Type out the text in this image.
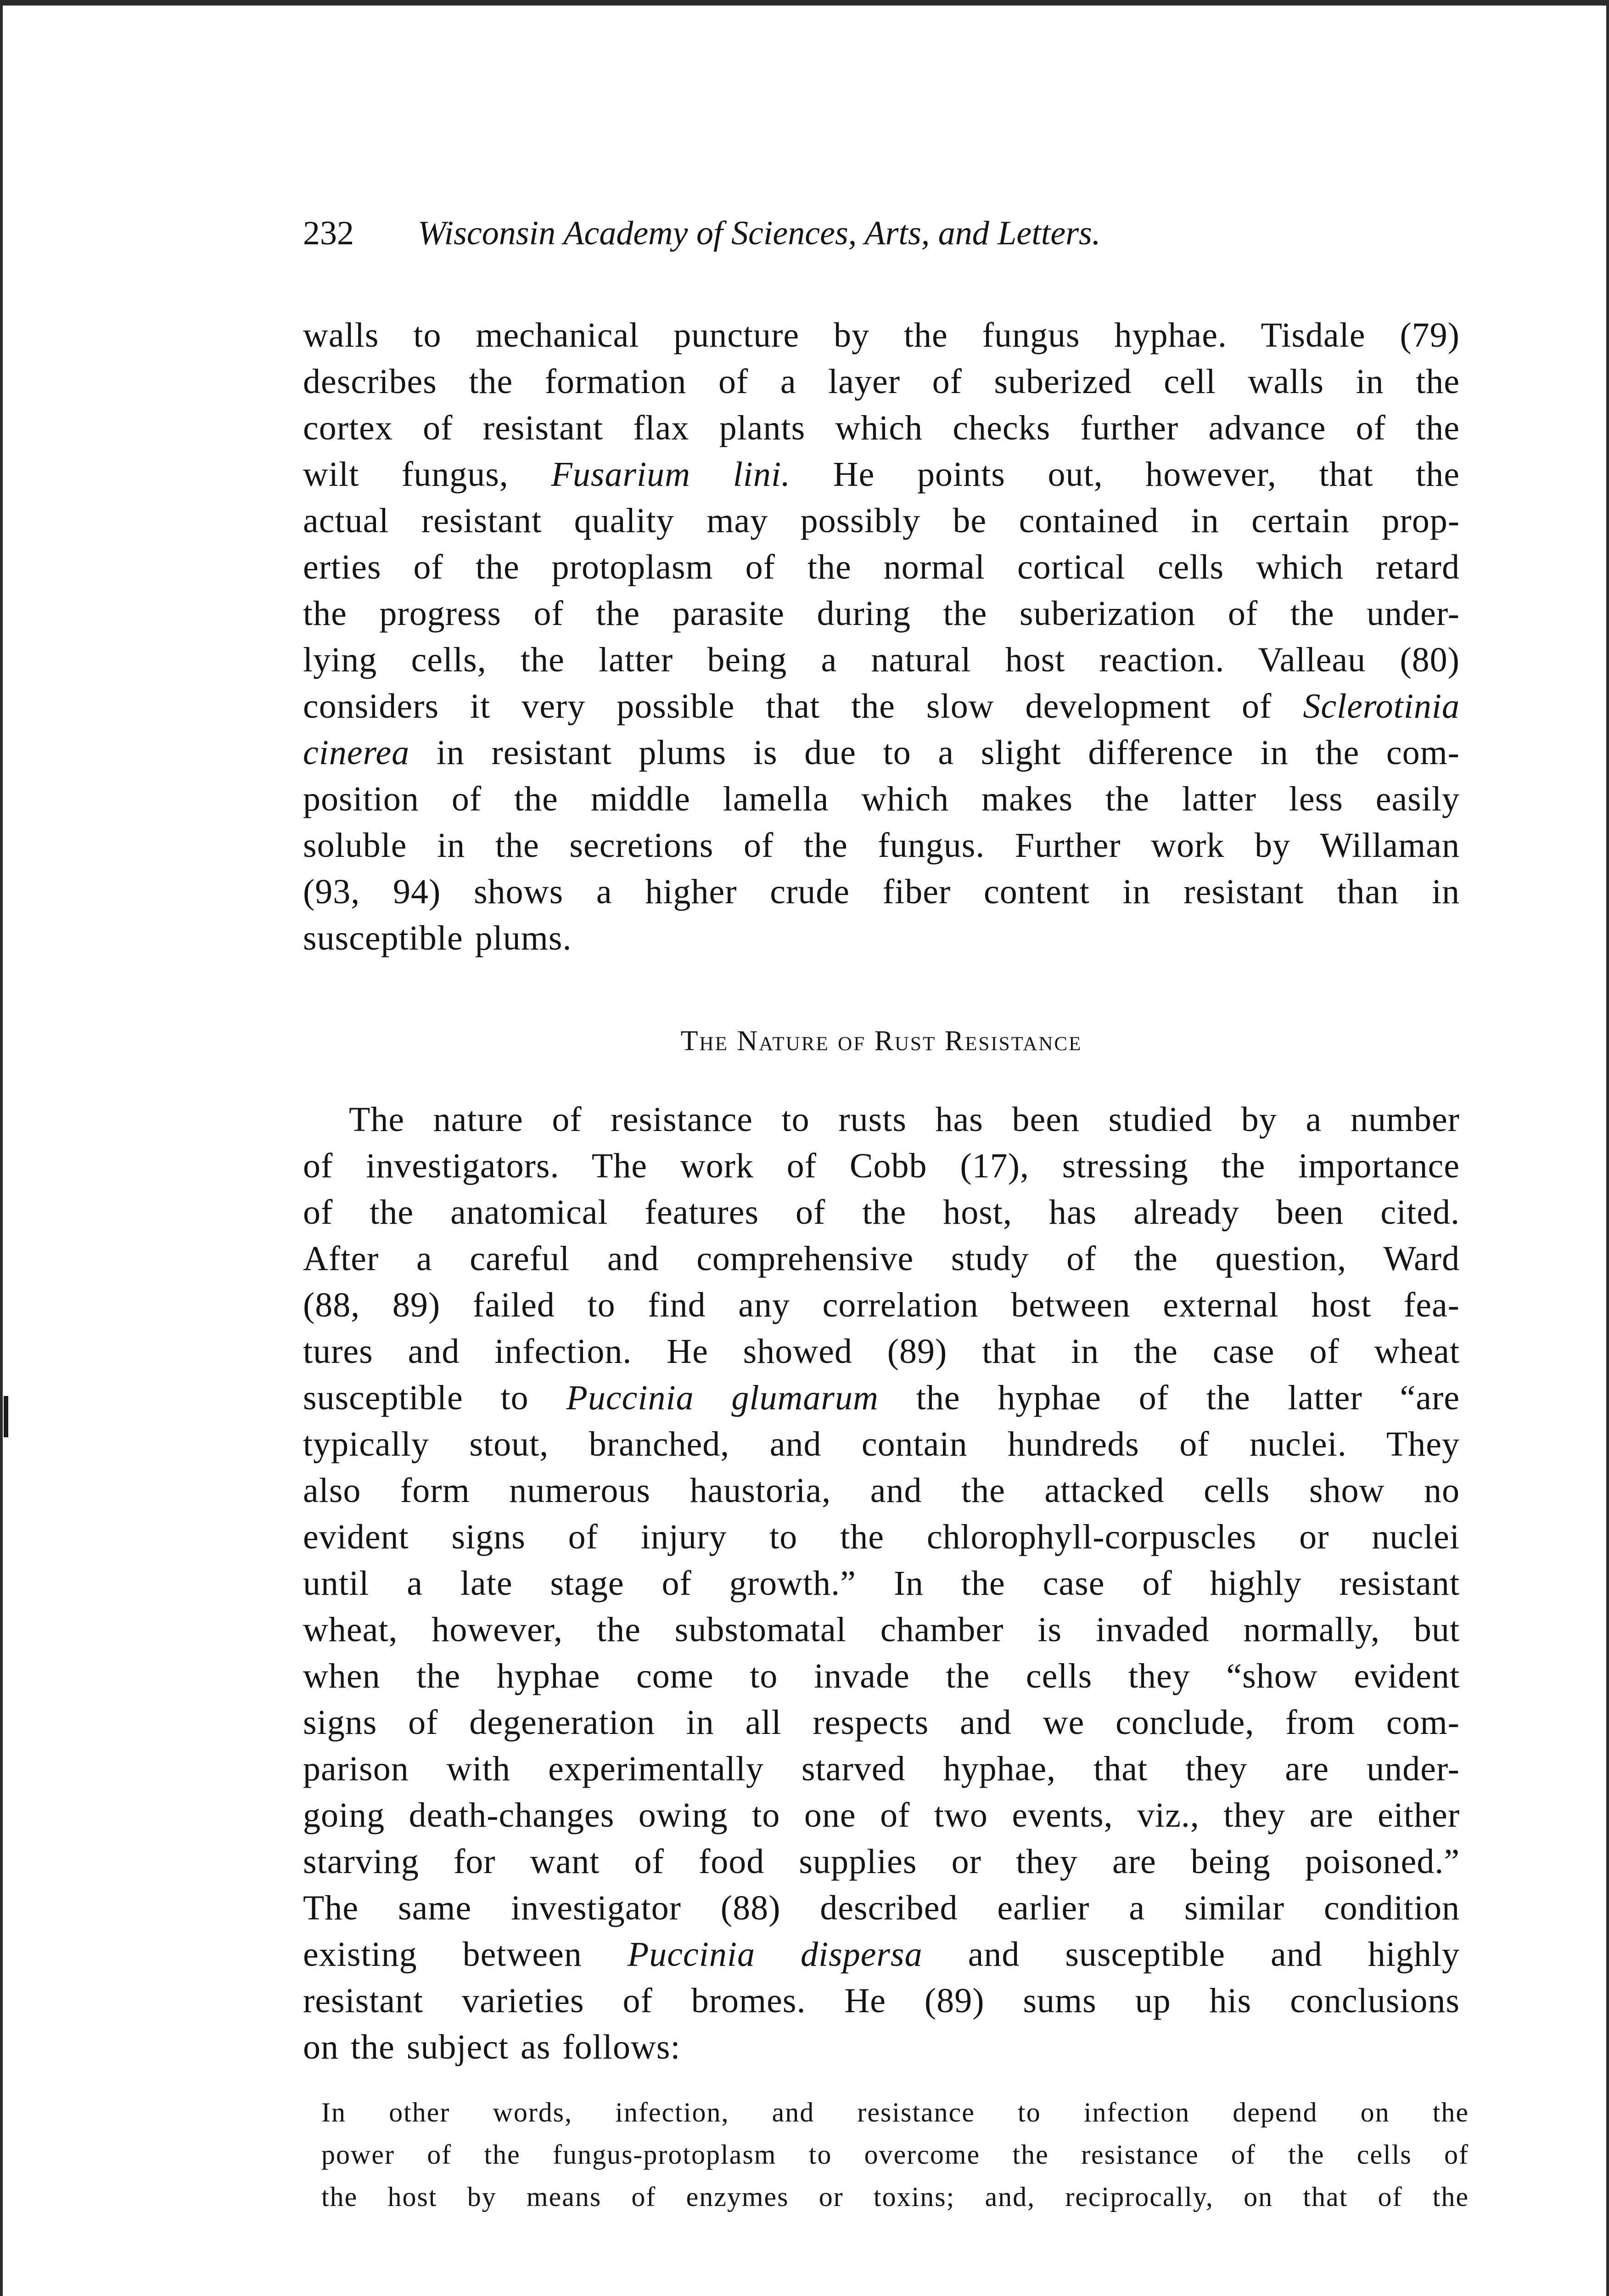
232 Wisconsin Academy of Sciences, Arts, and Letters.
walls to mechanical puncture by the fungus hyphae. Tisdale (79)
describes the formation of a layer of suberized cell walls in the
cortex of resistant flax plants which checks further advance of the
wilt fungus, Fusarium lini. He points out, however, that the
actual resistant quality may possibly be contained in certain prop-
erties of the protoplasm of the normal cortical cells which retard
the progress of the parasite during the suberization of the under-
lying cells, the latter being a natural host reaction. Valleau (80)
considers it very possible that the slow development of Sclerotinia
cinerea in resistant plums is due to a slight difference in the com-
position of the middle lamella which makes the latter less easily
soluble in the secretions of the fungus. Further work by Willaman
(93, 94) shows a higher crude fiber content in resistant than in
susceptible plums.
The Nature of Rust Resistance
The nature of resistance to rusts has been studied by a number
of investigators. The work of Cobb (17), stressing the importance
of the anatomical features of the host, has already been cited.
After a careful and comprehensive study of the question, Ward
(88, 89) failed to find any correlation between external host fea-
tures and infection. He showed (89) that in the case of wheat
susceptible to Puccinia glumarum the hyphae of the latter “are
typically stout, branched, and contain hundreds of nuclei. They
also form numerous haustoria, and the attacked cells show no
evident signs of injury to the chlorophyll-corpuscles or nuclei
until a late stage of growth.” In the case of highly resistant
wheat, however, the substomatal chamber is invaded normally, but
when the hyphae come to invade the cells they “show evident
signs of degeneration in all respects and we conclude, from com-
parison with experimentally starved hyphae, that they are under-
going death-changes owing to one of two events, viz., they are either
starving for want of food supplies or they are being poisoned.”
The same investigator (88) described earlier a similar condition
existing between Puccinia dispersa and susceptible and highly
resistant varieties of bromes. He (89) sums up his conclusions
on the subject as follows:
In other words, infection, and resistance to infection depend on the
power of the fungus-protoplasm to overcome the resistance of the cells of
the host by means of enzymes or toxins; and, reciprocally, on that of the
